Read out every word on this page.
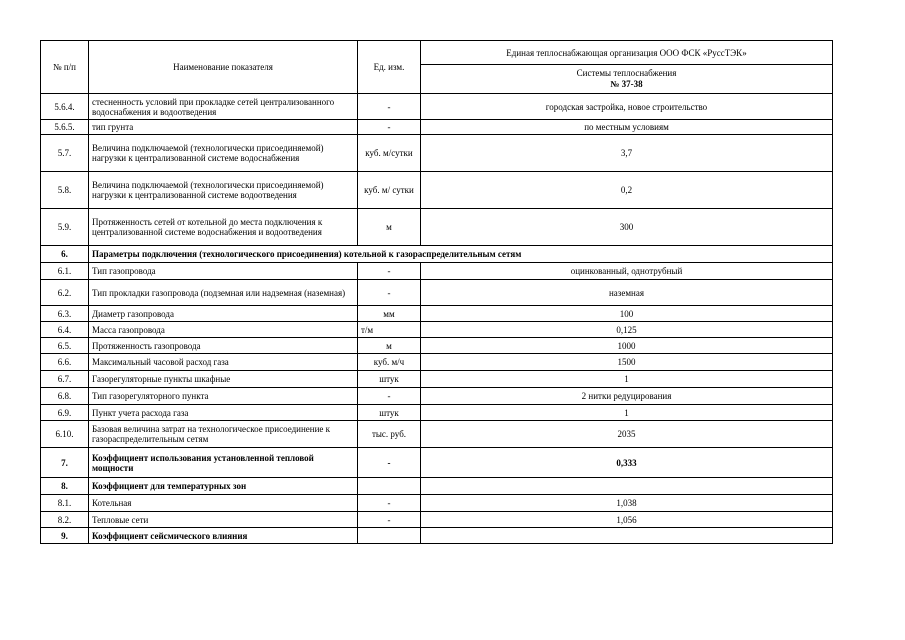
№ п/п	Наименование показателя	Ед. изм.	Единая теплоснабжающая организация ООО ФСК «РусcТЭК»

			Системы теплоснабжения
№ 37-38

5.6.4.	стесненность условий при прокладке сетей централизованного водоснабжения и водоотведения	-	городская застройка, новое строительство
5.6.5.	тип грунта	-	по местным условиям
5.7.	Величина подключаемой (технологически присоединяемой) нагрузки к централизованной системе водоснабжения	куб. м/сутки	3,7
5.8.	Величина подключаемой (технологически присоединяемой) нагрузки к централизованной системе водоотведения	куб. м/ сутки	0,2
5.9.	Протяженность сетей от котельной до места подключения к централизованной системе водоснабжения и водоотведения	м	300
6.	Параметры подключения (технологического присоединения) котельной к газораспределительным сетям		
6.1.	Тип газопровода	-	оцинкованный, однотрубный
6.2.	Тип прокладки газопровода (подземная или надземная (наземная)	-	наземная
6.3.	Диаметр газопровода	мм	100
6.4.	Масса газопровода	т/м	0,125
6.5.	Протяженность газопровода	м	1000
6.6.	Максимальный часовой расход газа	куб. м/ч	1500
6.7.	Газорегуляторные пункты шкафные	штук	1
6.8.	Тип газорегуляторного пункта	-	2 нитки редуцирования
6.9.	Пункт учета расхода газа	штук	1
6.10.	Базовая величина затрат на технологическое присоединение к газораспределительным сетям	тыс. руб.	2035
7.	Коэффициент использования установленной тепловой мощности	-	0,333
8.	Коэффициент для температурных зон		
8.1.	Котельная	-	1,038
8.2.	Тепловые сети	-	1,056
9.	Коэффициент сейсмического влияния		
